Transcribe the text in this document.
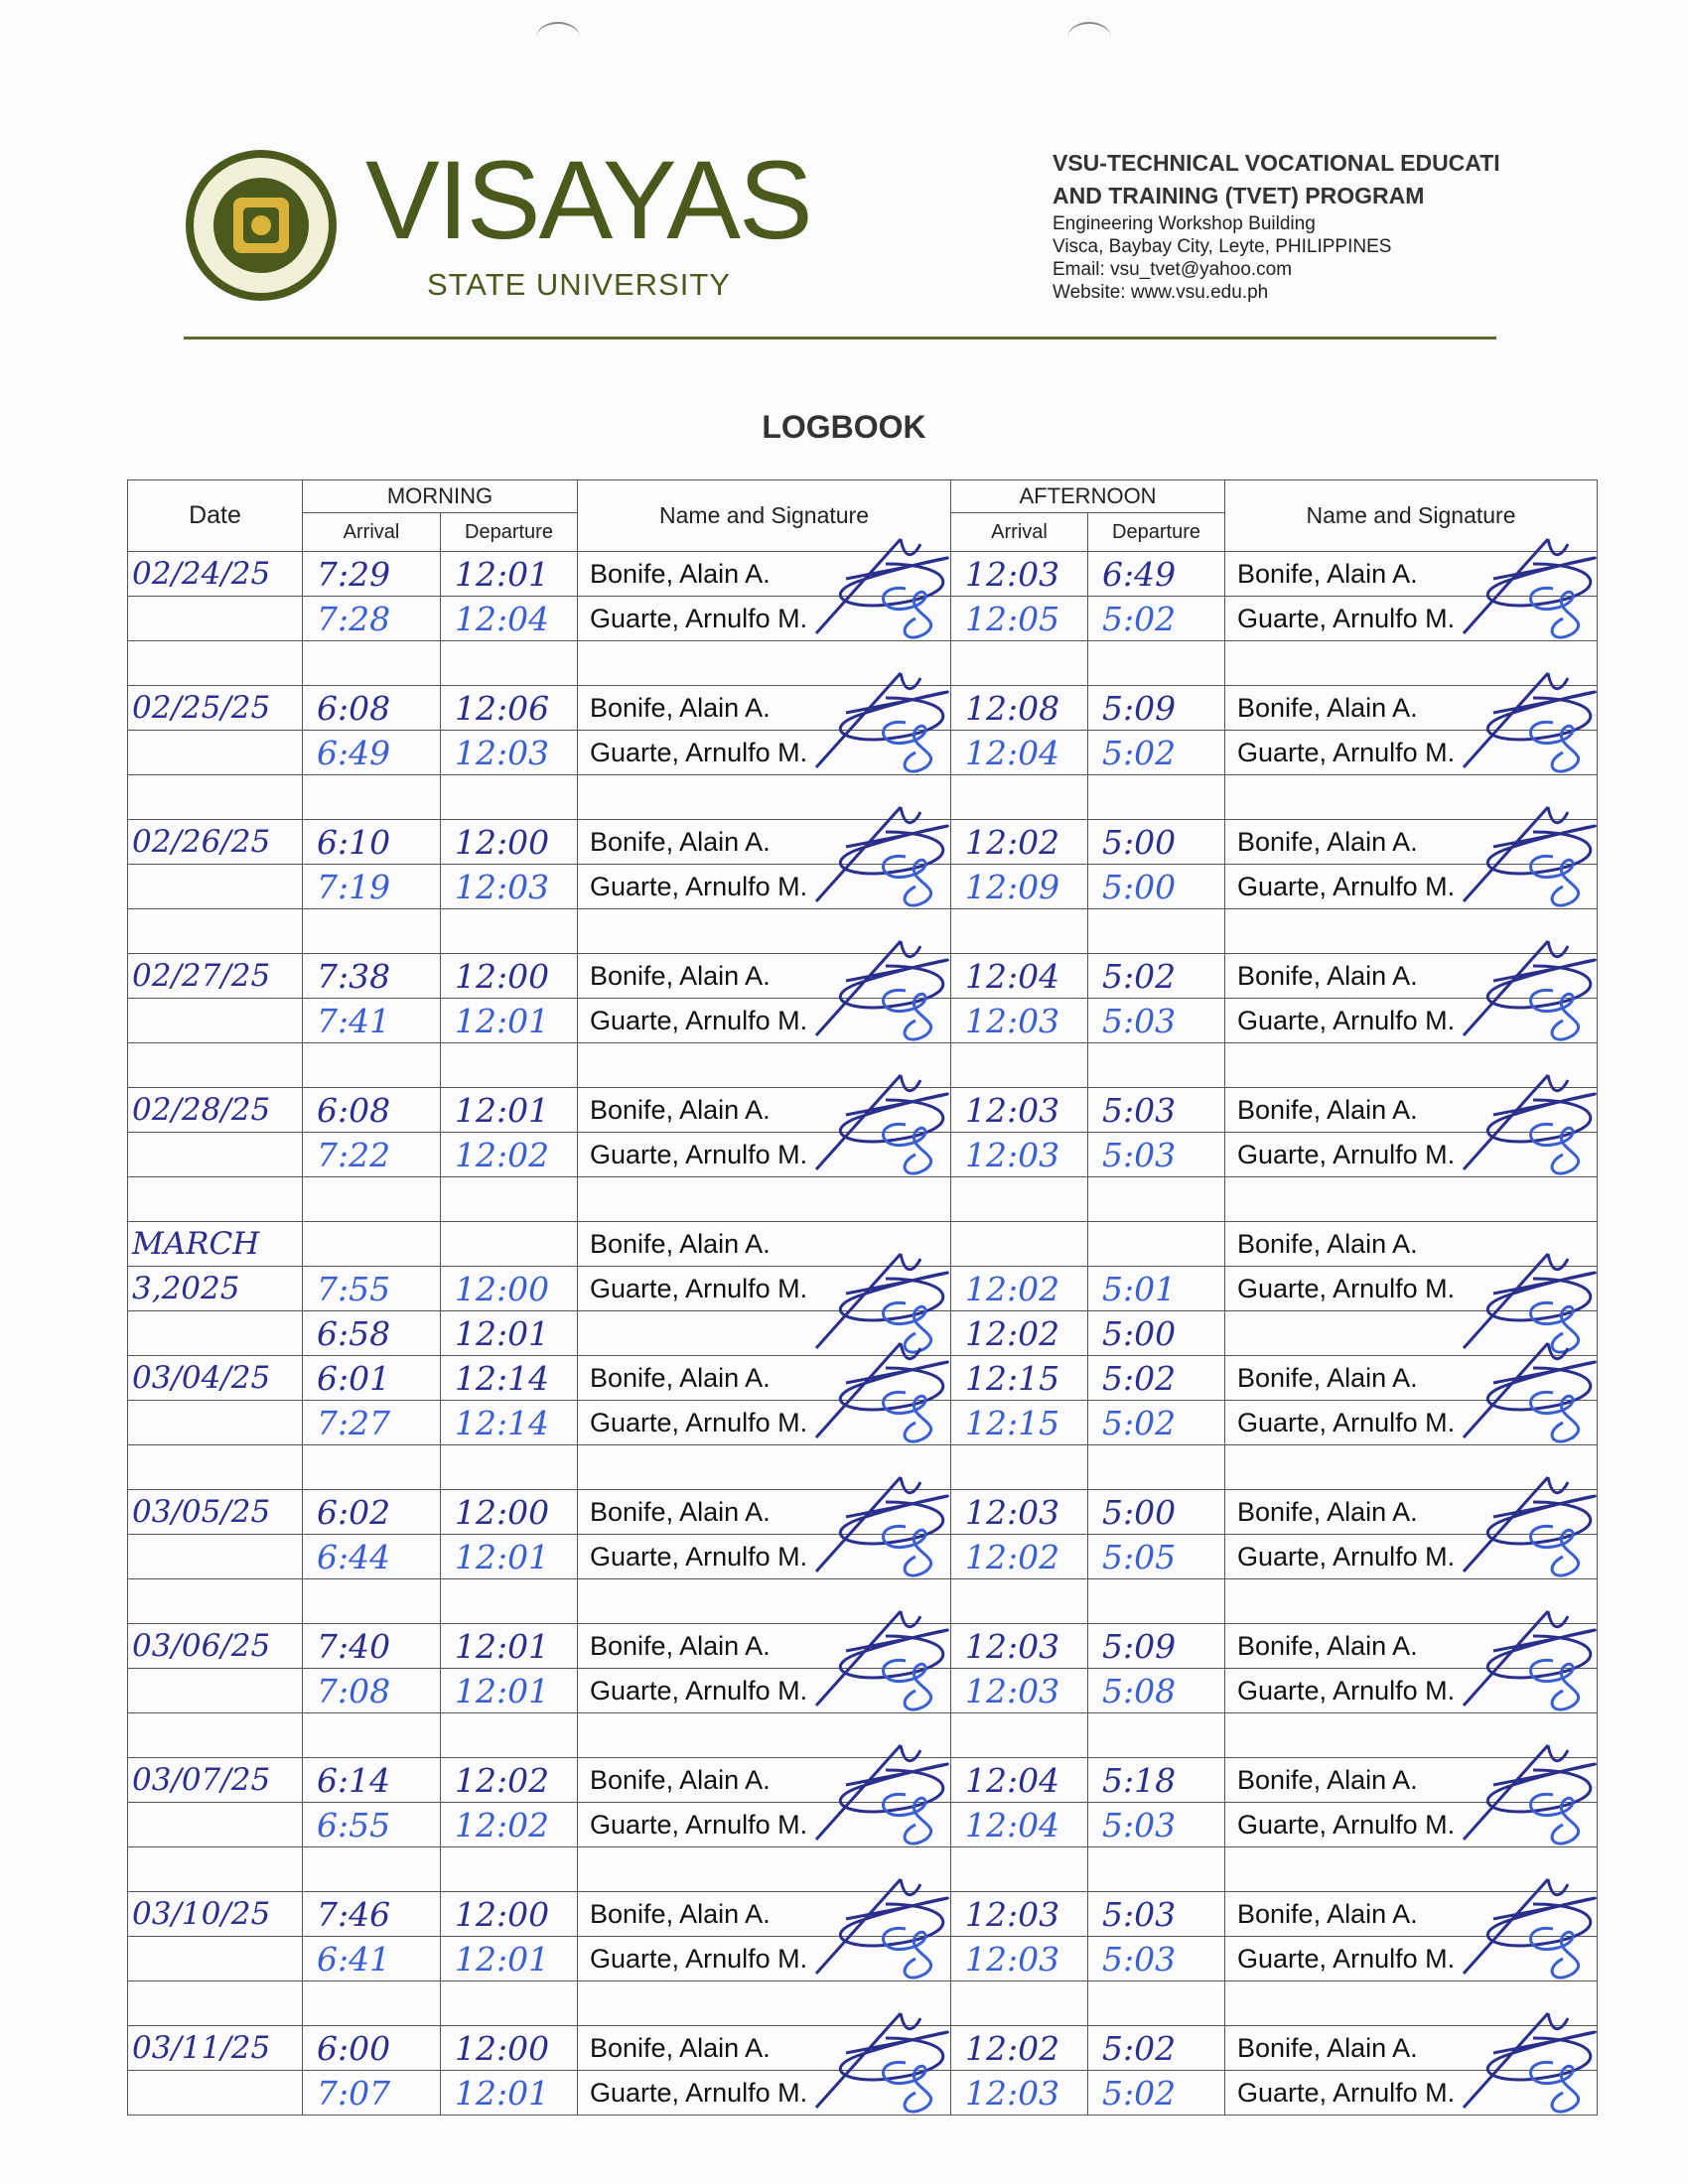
VISAYAS
STATE UNIVERSITY
VSU-TECHNICAL VOCATIONAL EDUCATI
AND TRAINING (TVET) PROGRAM
Engineering Workshop Building
Visca, Baybay City, Leyte, PHILIPPINES
Email: vsu_tvet@yahoo.com
Website: www.vsu.edu.ph
LOGBOOK
Date	MORNING		Name and Signature	AFTERNOON		Name and Signature
	Arrival	Departure		Arrival	Departure	
02/24/25	7:29	12:01	Bonife, Alain A.	12:03	6:49	Bonife, Alain A.

	7:28	12:04	Guarte, Arnulfo M.	12:05	5:02	Guarte, Arnulfo M.

02/25/25	6:08	12:06	Bonife, Alain A.	12:08	5:09	Bonife, Alain A.

	6:49	12:03	Guarte, Arnulfo M.	12:04	5:02	Guarte, Arnulfo M.

02/26/25	6:10	12:00	Bonife, Alain A.	12:02	5:00	Bonife, Alain A.

	7:19	12:03	Guarte, Arnulfo M.	12:09	5:00	Guarte, Arnulfo M.

02/27/25	7:38	12:00	Bonife, Alain A.	12:04	5:02	Bonife, Alain A.

	7:41	12:01	Guarte, Arnulfo M.	12:03	5:03	Guarte, Arnulfo M.

02/28/25	6:08	12:01	Bonife, Alain A.	12:03	5:03	Bonife, Alain A.

	7:22	12:02	Guarte, Arnulfo M.	12:03	5:03	Guarte, Arnulfo M.

MARCH			Bonife, Alain A.			Bonife, Alain A.
3,2025	7:55	12:00	Guarte, Arnulfo M.	12:02	5:01	Guarte, Arnulfo M.

	6:58	12:01		12:02	5:00	
03/04/25	6:01	12:14	Bonife, Alain A.	12:15	5:02	Bonife, Alain A.

	7:27	12:14	Guarte, Arnulfo M.	12:15	5:02	Guarte, Arnulfo M.

03/05/25	6:02	12:00	Bonife, Alain A.	12:03	5:00	Bonife, Alain A.

	6:44	12:01	Guarte, Arnulfo M.	12:02	5:05	Guarte, Arnulfo M.

03/06/25	7:40	12:01	Bonife, Alain A.	12:03	5:09	Bonife, Alain A.

	7:08	12:01	Guarte, Arnulfo M.	12:03	5:08	Guarte, Arnulfo M.

03/07/25	6:14	12:02	Bonife, Alain A.	12:04	5:18	Bonife, Alain A.

	6:55	12:02	Guarte, Arnulfo M.	12:04	5:03	Guarte, Arnulfo M.

03/10/25	7:46	12:00	Bonife, Alain A.	12:03	5:03	Bonife, Alain A.

	6:41	12:01	Guarte, Arnulfo M.	12:03	5:03	Guarte, Arnulfo M.

03/11/25	6:00	12:00	Bonife, Alain A.	12:02	5:02	Bonife, Alain A.

	7:07	12:01	Guarte, Arnulfo M.	12:03	5:02	Guarte, Arnulfo M.
